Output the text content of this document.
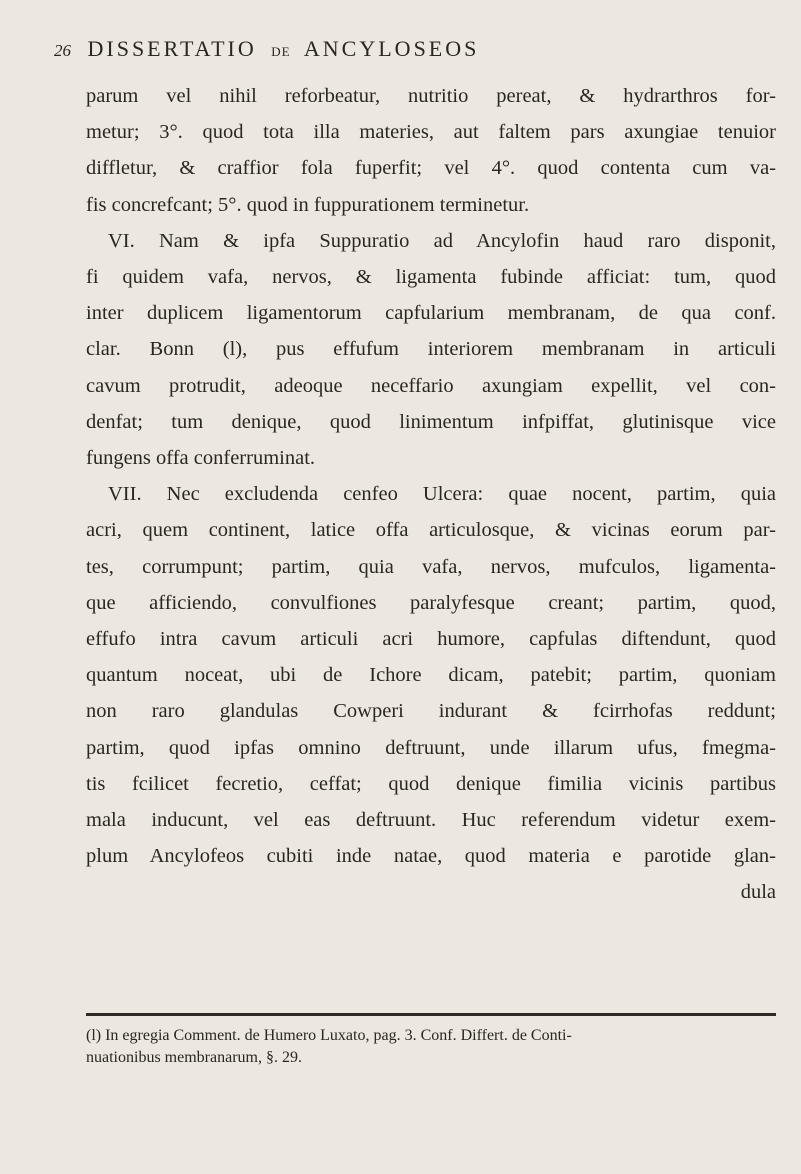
26 DISSERTATIO DE ANCYLOSEOS
parum vel nihil reforbeatur, nutritio pereat, & hydrarthros for-
metur; 3°. quod tota illa materies, aut faltem pars axungiae tenuior
diffletur, & craffior fola fuperfit; vel 4°. quod contenta cum va-
fis concrefcant; 5°. quod in fuppurationem terminetur.
VI. Nam & ipfa Suppuratio ad Ancylofin haud raro disponit,
fi quidem vafa, nervos, & ligamenta fubinde afficiat: tum, quod
inter duplicem ligamentorum capfularium membranam, de qua conf.
clar. Bonn (l), pus effufum interiorem membranam in articuli
cavum protrudit, adeoque neceffario axungiam expellit, vel con-
denfat; tum denique, quod linimentum infpiffat, glutinisque vice
fungens offa conferruminat.
VII. Nec excludenda cenfeo Ulcera: quae nocent, partim, quia
acri, quem continent, latice offa articulosque, & vicinas eorum par-
tes, corrumpunt; partim, quia vafa, nervos, mufculos, ligamenta-
que afficiendo, convulfiones paralyfesque creant; partim, quod,
effufo intra cavum articuli acri humore, capfulas diftendunt, quod
quantum noceat, ubi de Ichore dicam, patebit; partim, quoniam
non raro glandulas Cowperi indurant & fcirrhofas reddunt;
partim, quod ipfas omnino deftruunt, unde illarum ufus, fmegma-
tis fcilicet fecretio, ceffat; quod denique fimilia vicinis partibus
mala inducunt, vel eas deftruunt. Huc referendum videtur exem-
plum Ancylofeos cubiti inde natae, quod materia e parotide glan-
dula
(l) In egregia Comment. de Humero Luxato, pag. 3. Conf. Differt. de Conti-
nuationibus membranarum, §. 29.
